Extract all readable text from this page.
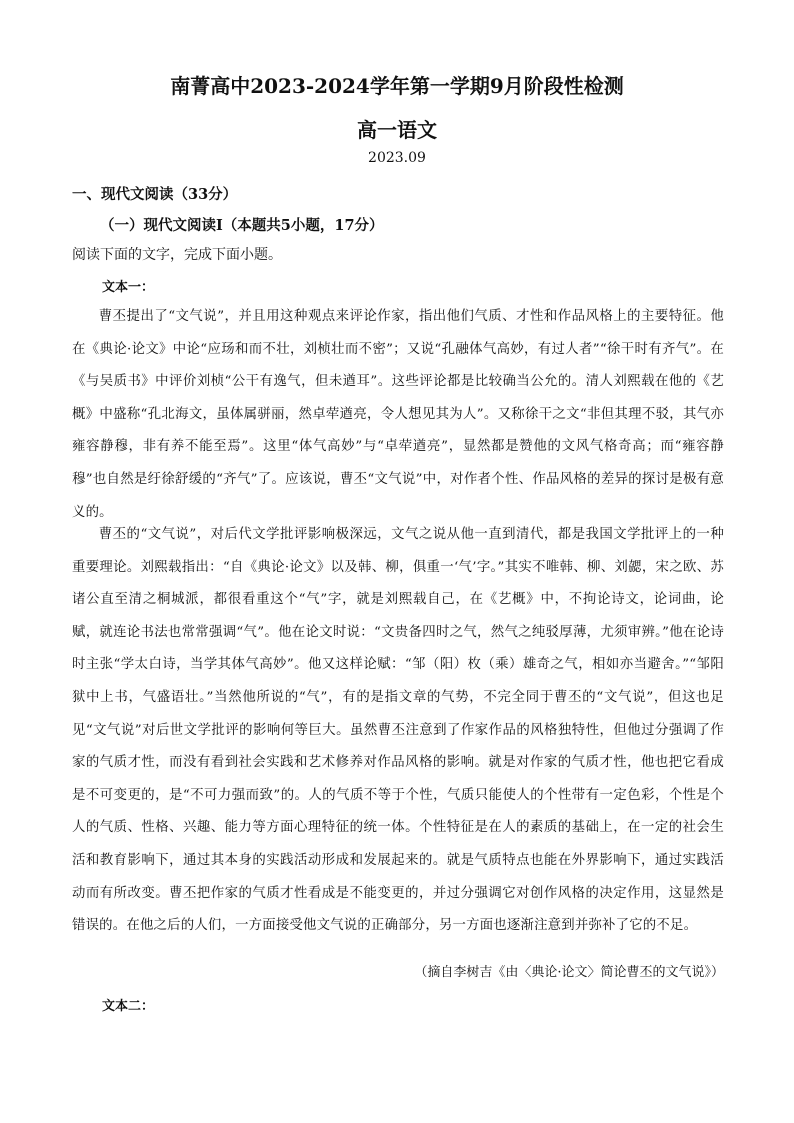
南菁高中2023-2024学年第一学期9月阶段性检测
高一语文
2023.09
一、现代文阅读（33分）
（一）现代文阅读Ⅰ（本题共5小题，17分）
阅读下面的文字，完成下面小题。
文本一：

曹丕提出了“文气说”，并且用这种观点来评论作家，指出他们气质、才性和作品风格上的主要特征。他在《典论·论文》中论“应玚和而不壮，刘桢壮而不密”；又说“孔融体气高妙，有过人者”“徐干时有齐气”。在《与吴质书》中评价刘桢“公干有逸气，但未遒耳”。这些评论都是比较确当公允的。清人刘熙载在他的《艺概》中盛称“孔北海文，虽体属骈丽，然卓荦遒亮，令人想见其为人”。又称徐干之文“非但其理不驳，其气亦雍容静穆，非有养不能至焉”。这里“体气高妙”与“卓荦遒亮”，显然都是赞他的文风气格奇高；而“雍容静穆”也自然是纡徐舒缓的“齐气”了。应该说，曹丕“文气说”中，对作者个性、作品风格的差异的探讨是极有意义的。

曹丕的“文气说”，对后代文学批评影响极深远，文气之说从他一直到清代，都是我国文学批评上的一种重要理论。刘熙载指出：“自《典论·论文》以及韩、柳，俱重一‘气’字。”其实不唯韩、柳、刘勰，宋之欧、苏诸公直至清之桐城派，都很看重这个“气”字，就是刘熙载自己，在《艺概》中，不拘论诗文，论词曲，论赋，就连论书法也常常强调“气”。他在论文时说：“文贵备四时之气，然气之纯驳厚薄，尤须审辨。”他在论诗时主张“学太白诗，当学其体气高妙”。他又这样论赋：“邹（阳）枚（乘）雄奇之气，相如亦当避舍。”“邹阳狱中上书，气盛语壮。”当然他所说的“气”，有的是指文章的气势，不完全同于曹丕的“文气说”，但这也足见“文气说”对后世文学批评的影响何等巨大。虽然曹丕注意到了作家作品的风格独特性，但他过分强调了作家的气质才性，而没有看到社会实践和艺术修养对作品风格的影响。就是对作家的气质才性，他也把它看成是不可变更的，是“不可力强而致”的。人的气质不等于个性，气质只能使人的个性带有一定色彩，个性是个人的气质、性格、兴趣、能力等方面心理特征的统一体。个性特征是在人的素质的基础上，在一定的社会生活和教育影响下，通过其本身的实践活动形成和发展起来的。就是气质特点也能在外界影响下，通过实践活动而有所改变。曹丕把作家的气质才性看成是不能变更的，并过分强调它对创作风格的决定作用，这显然是错误的。在他之后的人们，一方面接受他文气说的正确部分，另一方面也逐渐注意到并弥补了它的不足。

（摘自李树吉《由〈典论·论文〉简论曹丕的文气说》）
文本二：
